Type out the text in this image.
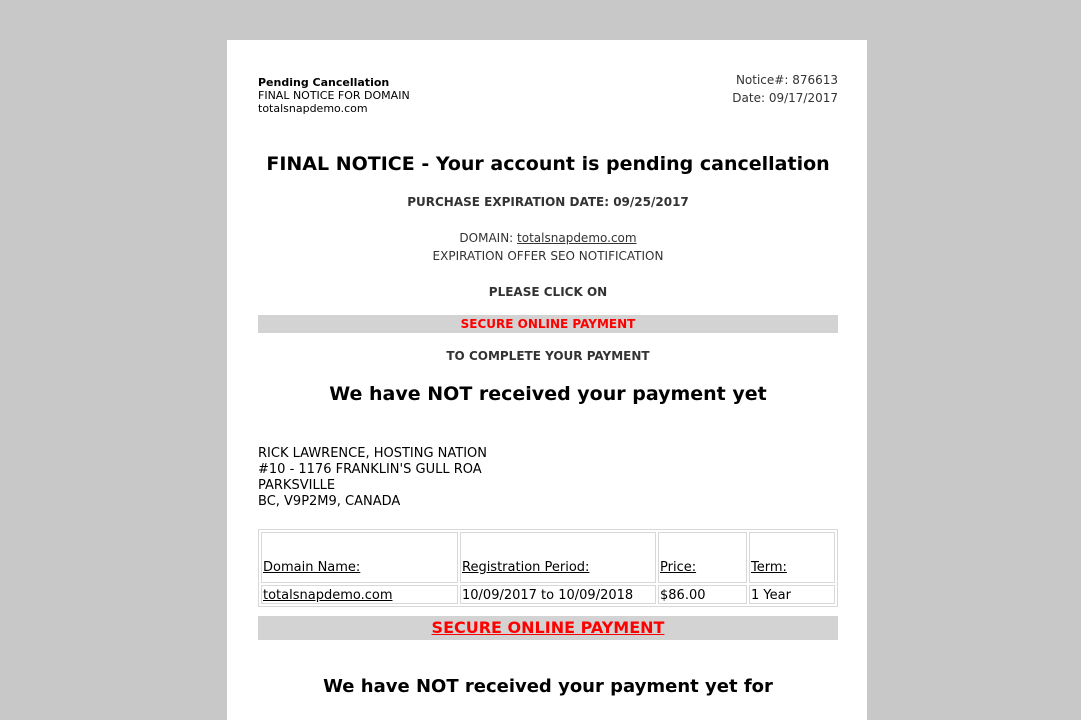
Pending Cancellation
FINAL NOTICE FOR DOMAIN
totalsnapdemo.com
Notice#: 876613
Date: 09/17/2017
FINAL NOTICE - Your account is pending cancellation
PURCHASE EXPIRATION DATE: 09/25/2017
DOMAIN: totalsnapdemo.com
EXPIRATION OFFER SEO NOTIFICATION
PLEASE CLICK ON
SECURE ONLINE PAYMENT
TO COMPLETE YOUR PAYMENT
We have NOT received your payment yet
RICK LAWRENCE, HOSTING NATION
#10 - 1176 FRANKLIN'S GULL ROA
PARKSVILLE
BC, V9P2M9, CANADA
Domain Name:	Registration Period:	Price:	Term:
totalsnapdemo.com	10/09/2017 to 10/09/2018	$86.00	1 Year
SECURE ONLINE PAYMENT
We have NOT received your payment yet for
